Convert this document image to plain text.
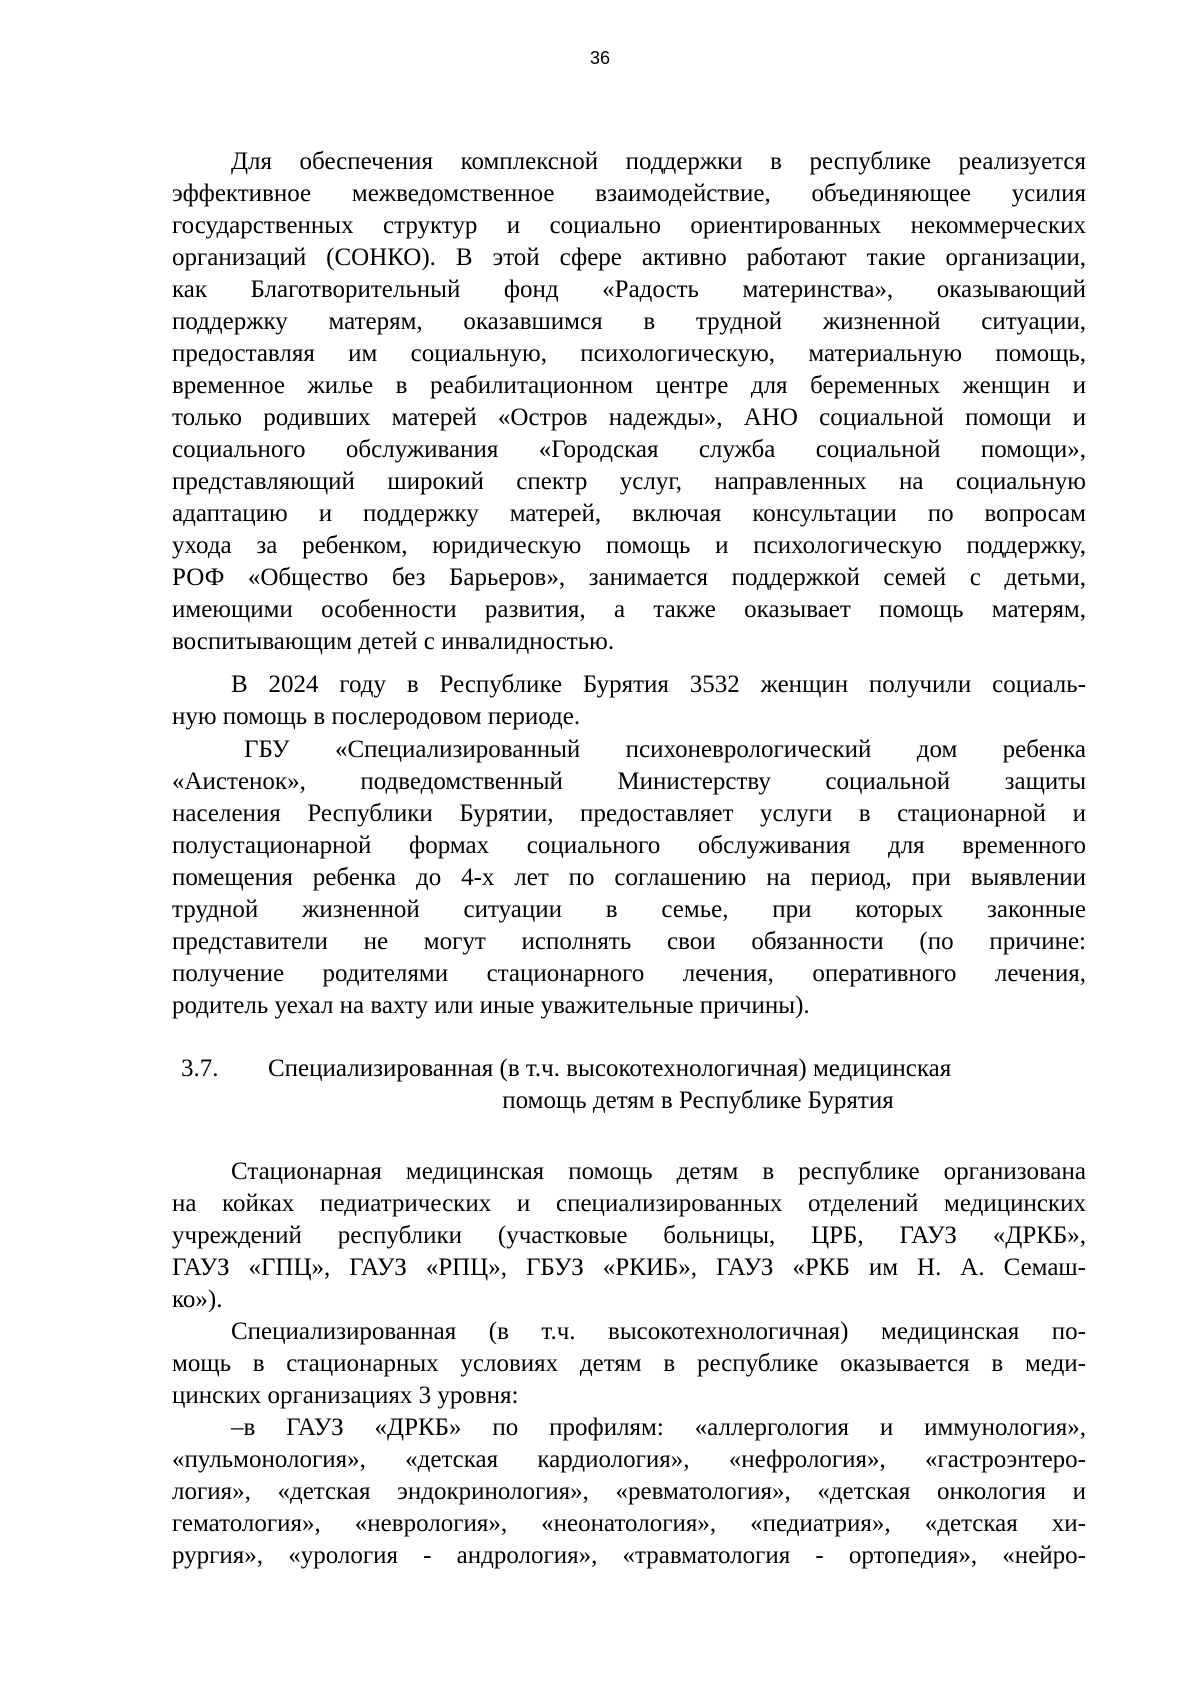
36
Для обеспечения комплексной поддержки в республике реализуется
эффективное межведомственное взаимодействие, объединяющее усилия
государственных структур и социально ориентированных некоммерческих
организаций (СОНКО). В этой сфере активно работают такие организации,
как Благотворительный фонд «Радость материнства», оказывающий
поддержку матерям, оказавшимся в трудной жизненной ситуации,
предоставляя им социальную, психологическую, материальную помощь,
временное жилье в реабилитационном центре для беременных женщин и
только родивших матерей «Остров надежды», АНО социальной помощи и
социального обслуживания «Городская служба социальной помощи»,
представляющий широкий спектр услуг, направленных на социальную
адаптацию и поддержку матерей, включая консультации по вопросам
ухода за ребенком, юридическую помощь и психологическую поддержку,
РОФ «Общество без Барьеров», занимается поддержкой семей с детьми,
имеющими особенности развития, а также оказывает помощь матерям,
воспитывающим детей с инвалидностью.
В 2024 году в Республике Бурятия 3532 женщин получили социаль-
ную помощь в послеродовом периоде.
ГБУ «Специализированный психоневрологический дом ребенка
«Аистенок», подведомственный Министерству социальной защиты
населения Республики Бурятии, предоставляет услуги в стационарной и
полустационарной формах социального обслуживания для временного
помещения ребенка до 4-х лет по соглашению на период, при выявлении
трудной жизненной ситуации в семье, при которых законные
представители не могут исполнять свои обязанности (по причине:
получение родителями стационарного лечения, оперативного лечения,
родитель уехал на вахту или иные уважительные причины).
3.7. Специализированная (в т.ч. высокотехнологичная) медицинская
помощь детям в Республике Бурятия
Стационарная медицинская помощь детям в республике организована
на койках педиатрических и специализированных отделений медицинских
учреждений республики (участковые больницы, ЦРБ, ГАУЗ «ДРКБ»,
ГАУЗ «ГПЦ», ГАУЗ «РПЦ», ГБУЗ «РКИБ», ГАУЗ «РКБ им Н. А. Семаш-
ко»).
Специализированная (в т.ч. высокотехнологичная) медицинская по-
мощь в стационарных условиях детям в республике оказывается в меди-
цинских организациях 3 уровня:
–в ГАУЗ «ДРКБ» по профилям: «аллергология и иммунология»,
«пульмонология», «детская кардиология», «нефрология», «гастроэнтеро-
логия», «детская эндокринология», «ревматология», «детская онкология и
гематология», «неврология», «неонатология», «педиатрия», «детская хи-
рургия», «урология - андрология», «травматология - ортопедия», «нейро-
